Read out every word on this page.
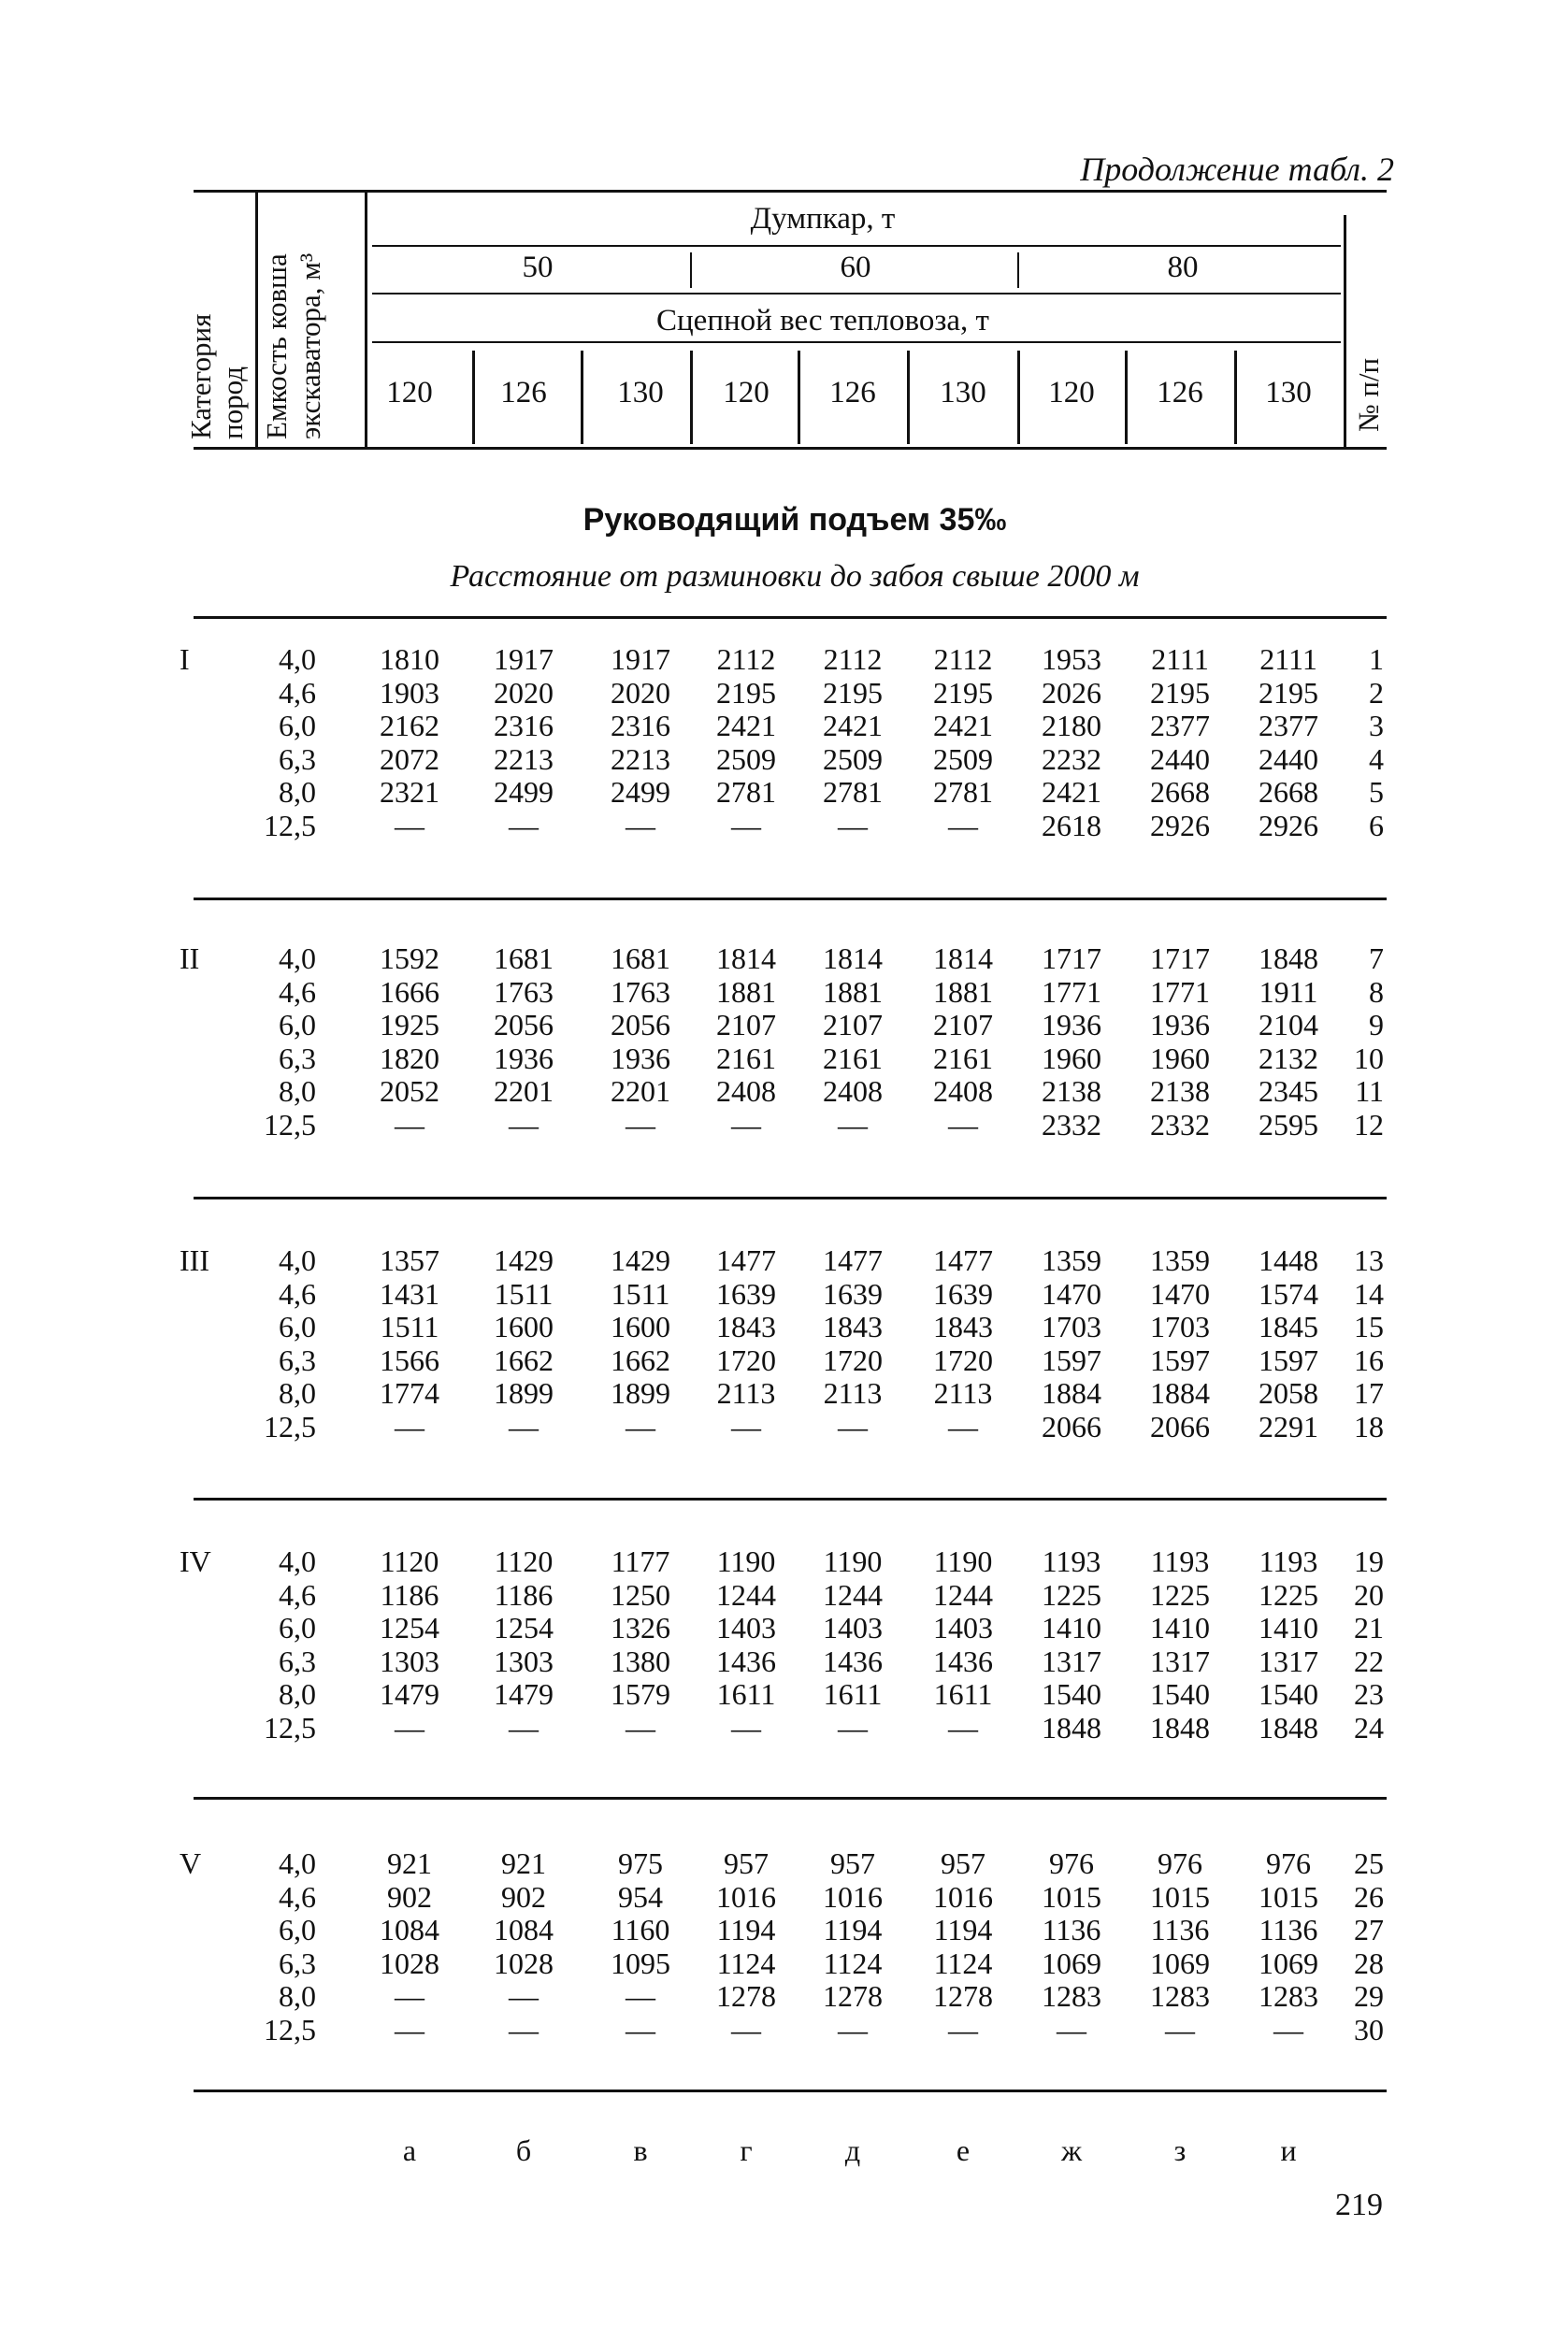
Продолжение табл. 2
Категория пород Емкость ковша экскаватора, м³	№ п/п
Думпкар, т
50	60	80
Сцепной вес тепловоза, т
120	126	130	120	126	130	120	126	130
Руководящий подъем 35‰
Расстояние от разминовки до забоя свыше 2000 м
I	4,0	1810	1917	1917	2112	2112	2112	1953	2111	2111	1
4,6	1903	2020	2020	2195	2195	2195	2026	2195	2195	2
6,0	2162	2316	2316	2421	2421	2421	2180	2377	2377	3
6,3	2072	2213	2213	2509	2509	2509	2232	2440	2440	4
8,0	2321	2499	2499	2781	2781	2781	2421	2668	2668	5
12,5	—	—	—	—	—	—	2618	2926	2926	6
II	4,0	1592	1681	1681	1814	1814	1814	1717	1717	1848	7
4,6	1666	1763	1763	1881	1881	1881	1771	1771	1911	8
6,0	1925	2056	2056	2107	2107	2107	1936	1936	2104	9
6,3	1820	1936	1936	2161	2161	2161	1960	1960	2132	10
8,0	2052	2201	2201	2408	2408	2408	2138	2138	2345	11
12,5	—	—	—	—	—	—	2332	2332	2595	12
III	4,0	1357	1429	1429	1477	1477	1477	1359	1359	1448	13
4,6	1431	1511	1511	1639	1639	1639	1470	1470	1574	14
6,0	1511	1600	1600	1843	1843	1843	1703	1703	1845	15
6,3	1566	1662	1662	1720	1720	1720	1597	1597	1597	16
8,0	1774	1899	1899	2113	2113	2113	1884	1884	2058	17
12,5	—	—	—	—	—	—	2066	2066	2291	18
IV	4,0	1120	1120	1177	1190	1190	1190	1193	1193	1193	19
4,6	1186	1186	1250	1244	1244	1244	1225	1225	1225	20
6,0	1254	1254	1326	1403	1403	1403	1410	1410	1410	21
6,3	1303	1303	1380	1436	1436	1436	1317	1317	1317	22
8,0	1479	1479	1579	1611	1611	1611	1540	1540	1540	23
12,5	—	—	—	—	—	—	1848	1848	1848	24
V	4,0	921	921	975	957	957	957	976	976	976	25
4,6	902	902	954	1016	1016	1016	1015	1015	1015	26
6,0	1084	1084	1160	1194	1194	1194	1136	1136	1136	27
6,3	1028	1028	1095	1124	1124	1124	1069	1069	1069	28
8,0	—	—	—	1278	1278	1278	1283	1283	1283	29
12,5	—	—	—	—	—	—	—	—	—	30
а	б	в	г	д	е	ж	з	и
219
